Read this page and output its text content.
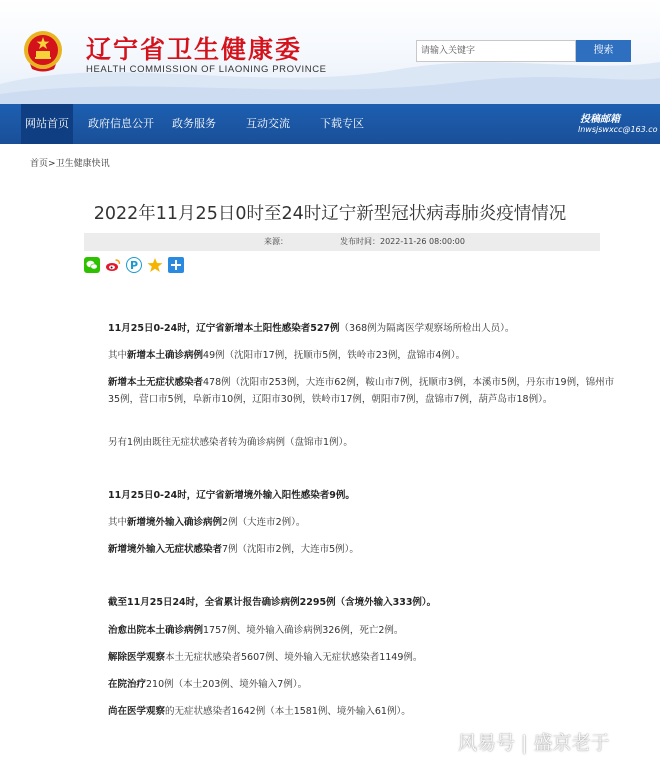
辽宁省卫生健康委
HEALTH COMMISSION OF LIAONING PROVINCE
请输入关键字
搜索
网站首页	政府信息公开 政务服务	互动交流	下载专区	投稿邮箱
lnwsjswxcc@163.co
首页>卫生健康快讯
2022年11月25日0时至24时辽宁新型冠状病毒肺炎疫情情况
来源：	发布时间：2022-11-26 08:00:00
P
11月25日0-24时，辽宁省新增本土阳性感染者527例（368例为隔离医学观察场所检出人员）。
其中新增本土确诊病例49例（沈阳市17例，抚顺市5例，铁岭市23例，盘锦市4例）。
新增本土无症状感染者478例（沈阳市253例，大连市62例，鞍山市7例，抚顺市3例，本溪市5例，丹东市19例，锦州市35例，营口市5例，阜新市10例，辽阳市30例，铁岭市17例，朝阳市7例，盘锦市7例，葫芦岛市18例）。
另有1例由既往无症状感染者转为确诊病例（盘锦市1例）。
11月25日0-24时，辽宁省新增境外输入阳性感染者9例。
其中新增境外输入确诊病例2例（大连市2例）。
新增境外输入无症状感染者7例（沈阳市2例，大连市5例）。
截至11月25日24时，全省累计报告确诊病例2295例（含境外输入333例）。
治愈出院本土确诊病例1757例、境外输入确诊病例326例，死亡2例。
解除医学观察本土无症状感染者5607例、境外输入无症状感染者1149例。
在院治疗210例（本土203例、境外输入7例）。
尚在医学观察的无症状感染者1642例（本土1581例、境外输入61例）。
风易号 | 盛京老于
